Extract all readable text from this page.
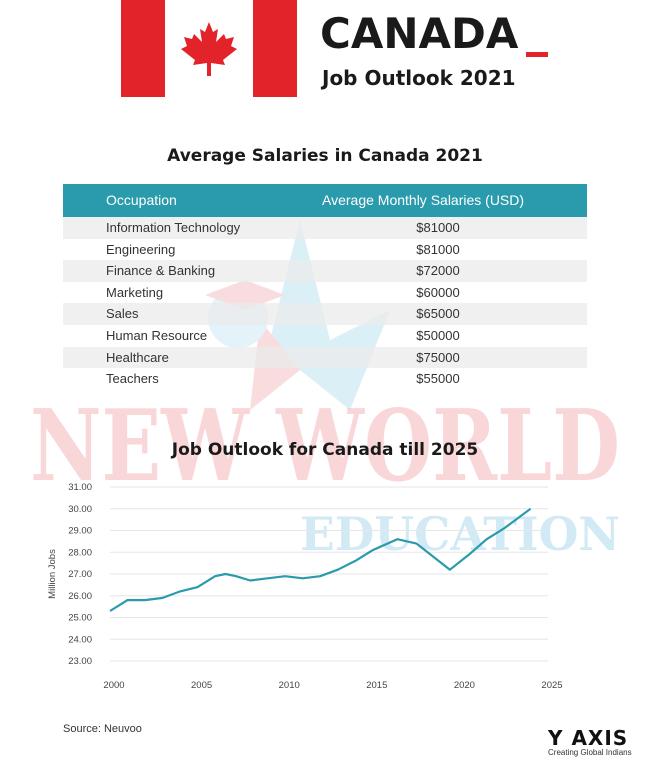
CANADA
Job Outlook 2021
NEW WORLD
EDUCATION
Average Salaries in Canada 2021
Occupation	Average Monthly Salaries (USD)
Information Technology	$81000
Engineering	$81000
Finance & Banking	$72000
Marketing	$60000
Sales	$65000
Human Resource	$50000
Healthcare	$75000
Teachers	$55000
Job Outlook for Canada till 2025
23.00
24.00
25.00
26.00
27.00
28.00
29.00
30.00
31.00
2000	2005	2010	2015	2020	2025
Million Jobs
Source: Neuvoo	Y AXIS
Creating Global Indians
